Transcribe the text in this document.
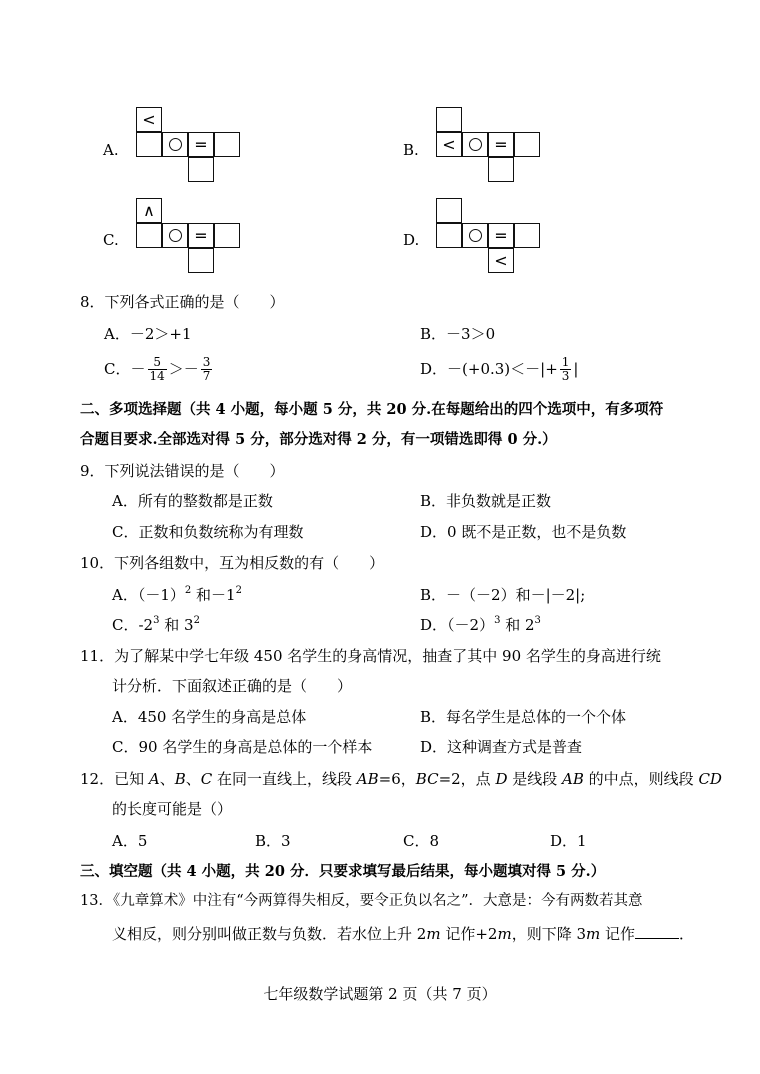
A.
<
=	B. < =
C.
∧
=	D.	=
<
8．下列各式正确的是（　　）
A．－2＞+1	B．－3＞0
C． － $\frac{5}{14} >- \frac{3}{7}$	D．$-(+0.3)<-|+ \frac{1}{3}$ |
二、多项选择题（共 4 小题，每小题 5 分，共 20 分.在每题给出的四个选项中，有多项符
合题目要求.全部选对得 5 分，部分选对得 2 分，有一项错选即得 0 分.）
9．下列说法错误的是（　　）
A．所有的整数都是正数	B．非负数就是正数
C．正数和负数统称为有理数	D．0 既不是正数，也不是负数
10．下列各组数中，互为相反数的有（　　）
A．$(-1)^2$ 和$-1^2$	B．－（－2）和－|－2|;
C．$-2^3$ 和 $3^2$	D．$(-2)^3$ 和 $2^3$
11．为了解某中学七年级 450 名学生的身高情况，抽查了其中 90 名学生的身高进行统
计分析．下面叙述正确的是（　　）
A．450 名学生的身高是总体	B．每名学生是总体的一个个体
C．90 名学生的身高是总体的一个样本	D．这种调查方式是普查
12．已知 A、B、C 在同一直线上，线段 AB=6，BC=2，点 D 是线段 AB 的中点，则线段 CD
的长度可能是（）
A．5	B．3	C．8	D．1
三、填空题（共 4 小题，共 20 分．只要求填写最后结果，每小题填对得 5 分.）
13．《九章算术》中注有“今两算得失相反，要令正负以名之”．大意是：今有两数若其意
义相反，则分别叫做正数与负数．若水位上升 2m 记作+2m，则下降 3m 记作	．
七年级数学试题第 2 页（共 7 页）
